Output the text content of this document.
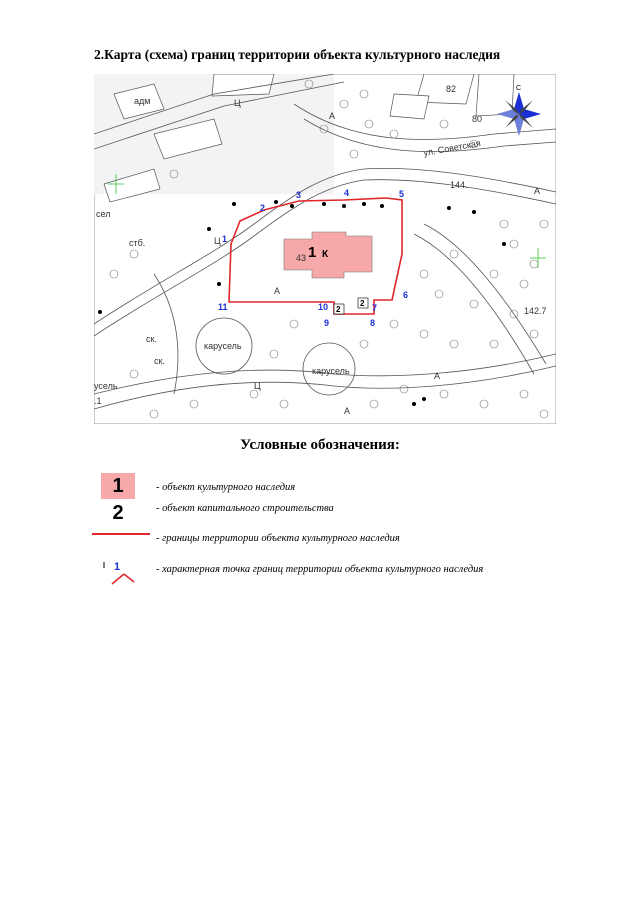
2.Карта (схема) границ территории объекта культурного наследия
адм	Ц
Ц
Ц
А
А
А
А
А
сел
стб.
ск.
ск.
карусель
карусель
усель
144.
142.7
82
80
.1
43
ул. Советская
1 К
2
2
1
2
3	4	5
6
7
8
9
10
11
С
Условные обозначения:
1	- объект культурного наследия
2	- объект капитального строительства
- границы территории объекта культурного наследия
1	- характерная точка границ территории объекта культурного наследия
